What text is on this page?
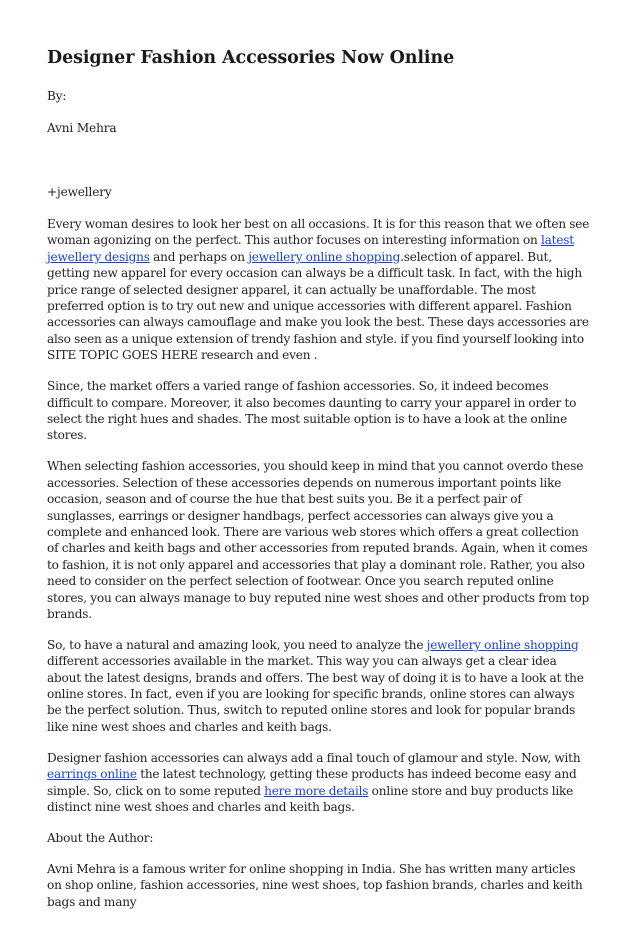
Designer Fashion Accessories Now Online
By:
Avni Mehra
+jewellery

Every woman desires to look her best on all occasions. It is for this reason that we often see woman agonizing on the perfect. This author focuses on interesting information on latest jewellery designs and perhaps on jewellery online shopping.selection of apparel. But, getting new apparel for every occasion can always be a difficult task. In fact, with the high price range of selected designer apparel, it can actually be unaffordable. The most preferred option is to try out new and unique accessories with different apparel. Fashion accessories can always camouflage and make you look the best. These days accessories are also seen as a unique extension of trendy fashion and style. if you find yourself looking into SITE TOPIC GOES HERE research and even .

Since, the market offers a varied range of fashion accessories. So, it indeed becomes difficult to compare. Moreover, it also becomes daunting to carry your apparel in order to select the right hues and shades. The most suitable option is to have a look at the online stores.

When selecting fashion accessories, you should keep in mind that you cannot overdo these accessories. Selection of these accessories depends on numerous important points like occasion, season and of course the hue that best suits you. Be it a perfect pair of sunglasses, earrings or designer handbags, perfect accessories can always give you a complete and enhanced look. There are various web stores which offers a great collection of charles and keith bags and other accessories from reputed brands. Again, when it comes to fashion, it is not only apparel and accessories that play a dominant role. Rather, you also need to consider on the perfect selection of footwear. Once you search reputed online stores, you can always manage to buy reputed nine west shoes and other products from top brands.

So, to have a natural and amazing look, you need to analyze the jewellery online shopping different accessories available in the market. This way you can always get a clear idea about the latest designs, brands and offers. The best way of doing it is to have a look at the online stores. In fact, even if you are looking for specific brands, online stores can always be the perfect solution. Thus, switch to reputed online stores and look for popular brands like nine west shoes and charles and keith bags.

Designer fashion accessories can always add a final touch of glamour and style. Now, with earrings online the latest technology, getting these products has indeed become easy and simple. So, click on to some reputed here more details online store and buy products like distinct nine west shoes and charles and keith bags.

About the Author:

Avni Mehra is a famous writer for online shopping in India. She has written many articles on shop online, fashion accessories, nine west shoes, top fashion brands, charles and keith bags and many
